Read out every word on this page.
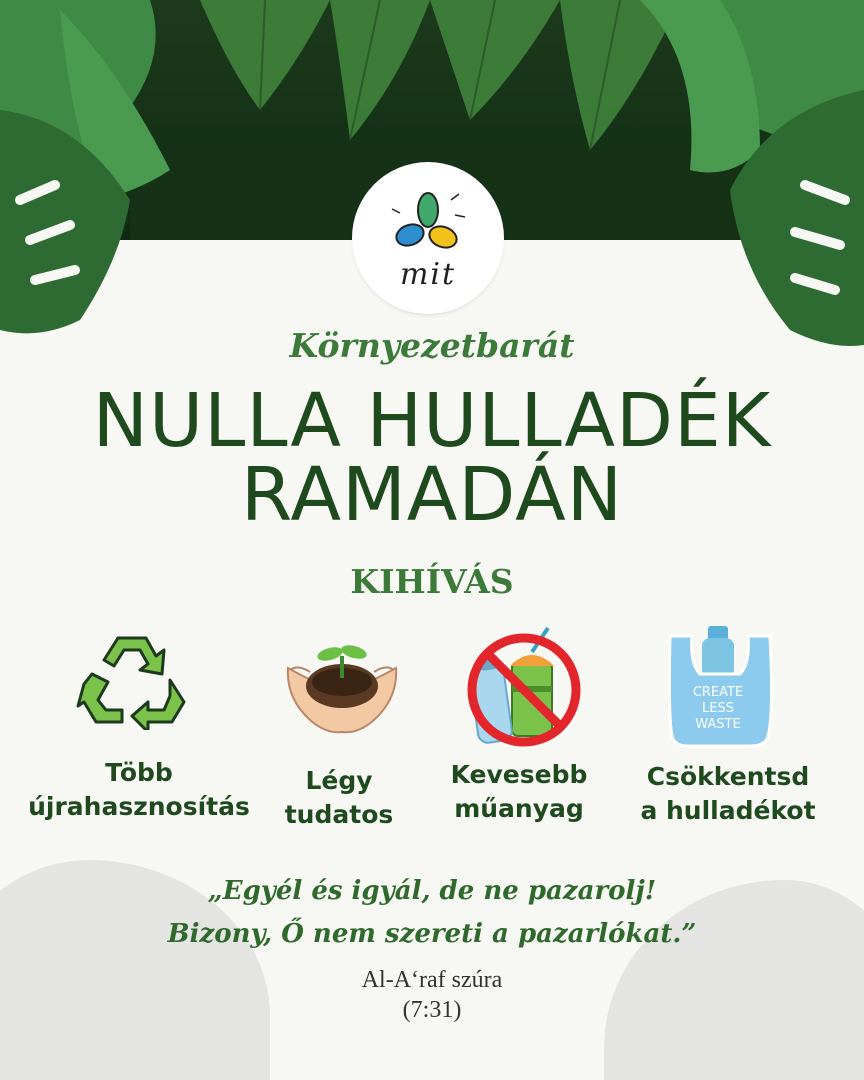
mit
Környezetbarát
NULLA HULLADÉK
RAMADÁN
KIHÍVÁS
CREATE
LESS
WASTE
Több
újrahasznosítás
Légy
tudatos
Kevesebb
műanyag
Csökkentsd
a hulladékot
„Egyél és igyál, de ne pazarolj!
Bizony, Ő nem szereti a pazarlókat.”
Al-A‘raf szúra
(7:31)
